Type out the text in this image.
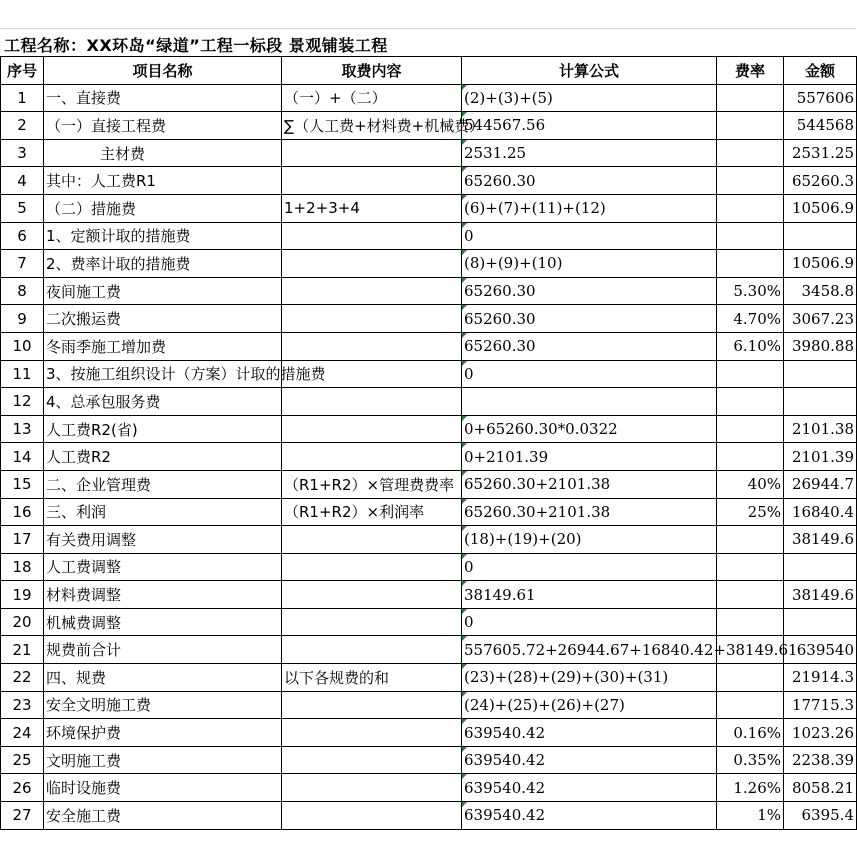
工程名称：XX环岛“绿道”工程一标段 景观铺装工程
序号	项目名称	取费内容	计算公式	费率	金额
1	一、直接费	（一）+（二）	(2)+(3)+(5)		557606
2	（一）直接工程费	∑（人工费+材料费+机械费）	544567.56		544568
3	主材费		2531.25		2531.25
4	其中：人工费R1		65260.30		65260.3
5	（二）措施费	1+2+3+4	(6)+(7)+(11)+(12)		10506.9
6	1、定额计取的措施费		0		
7	2、费率计取的措施费		(8)+(9)+(10)		10506.9
8	夜间施工费		65260.30	5.30%	3458.8
9	二次搬运费		65260.30	4.70%	3067.23
10	冬雨季施工增加费		65260.30	6.10%	3980.88
11	3、按施工组织设计（方案）计取的措施费		0		
12	4、总承包服务费				
13	人工费R2(省)		0+65260.30*0.0322		2101.38
14	人工费R2		0+2101.39		2101.39
15	二、企业管理费	（R1+R2）×管理费费率	65260.30+2101.38	40%	26944.7
16	三、利润	（R1+R2）×利润率	65260.30+2101.38	25%	16840.4
17	有关费用调整		(18)+(19)+(20)		38149.6
18	人工费调整		0		
19	材料费调整		38149.61		38149.6
20	机械费调整		0		
21	规费前合计		557605.72+26944.67+16840.42+38149.61		639540
22	四、规费	以下各规费的和	(23)+(28)+(29)+(30)+(31)		21914.3
23	安全文明施工费		(24)+(25)+(26)+(27)		17715.3
24	环境保护费		639540.42	0.16%	1023.26
25	文明施工费		639540.42	0.35%	2238.39
26	临时设施费		639540.42	1.26%	8058.21
27	安全施工费		639540.42	1%	6395.4
